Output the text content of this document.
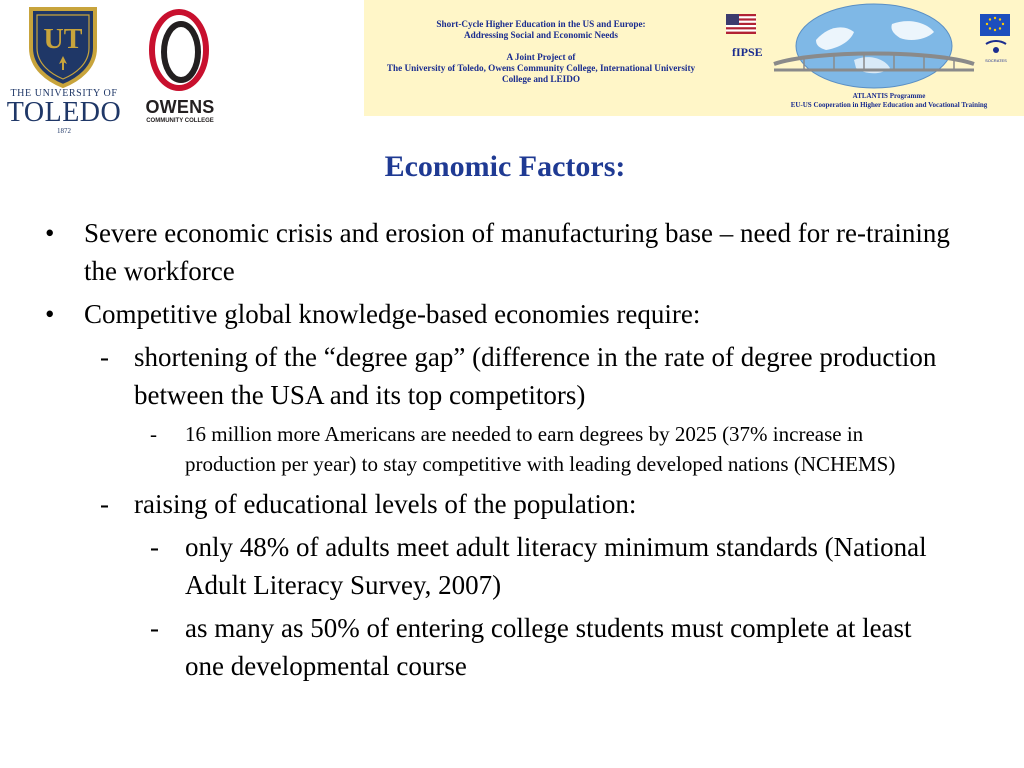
UT
THE UNIVERSITY OF
TOLEDO
1872
OWENS
COMMUNITY COLLEGE
Short-Cycle Higher Education in the US and Europe:
Addressing Social and Economic Needs
A Joint Project of
The University of Toledo, Owens Community College, International University
College and LEIDO
fIPSE
SOCRATES
ATLANTIS Programme
EU-US Cooperation in Higher Education and Vocational Training
Economic Factors:
• Severe economic crisis and erosion of manufacturing base – need for re-training the workforce
• Competitive global knowledge-based economies require:
- shortening of the “degree gap” (difference in the rate of degree production between the USA and its top competitors)
- 16 million more Americans are needed to earn degrees by 2025 (37% increase in production per year) to stay competitive with leading developed nations (NCHEMS)
- raising of educational levels of the population:
- only 48% of adults meet adult literacy minimum standards (National Adult Literacy Survey, 2007)
- as many as 50% of entering college students must complete at least one developmental course
